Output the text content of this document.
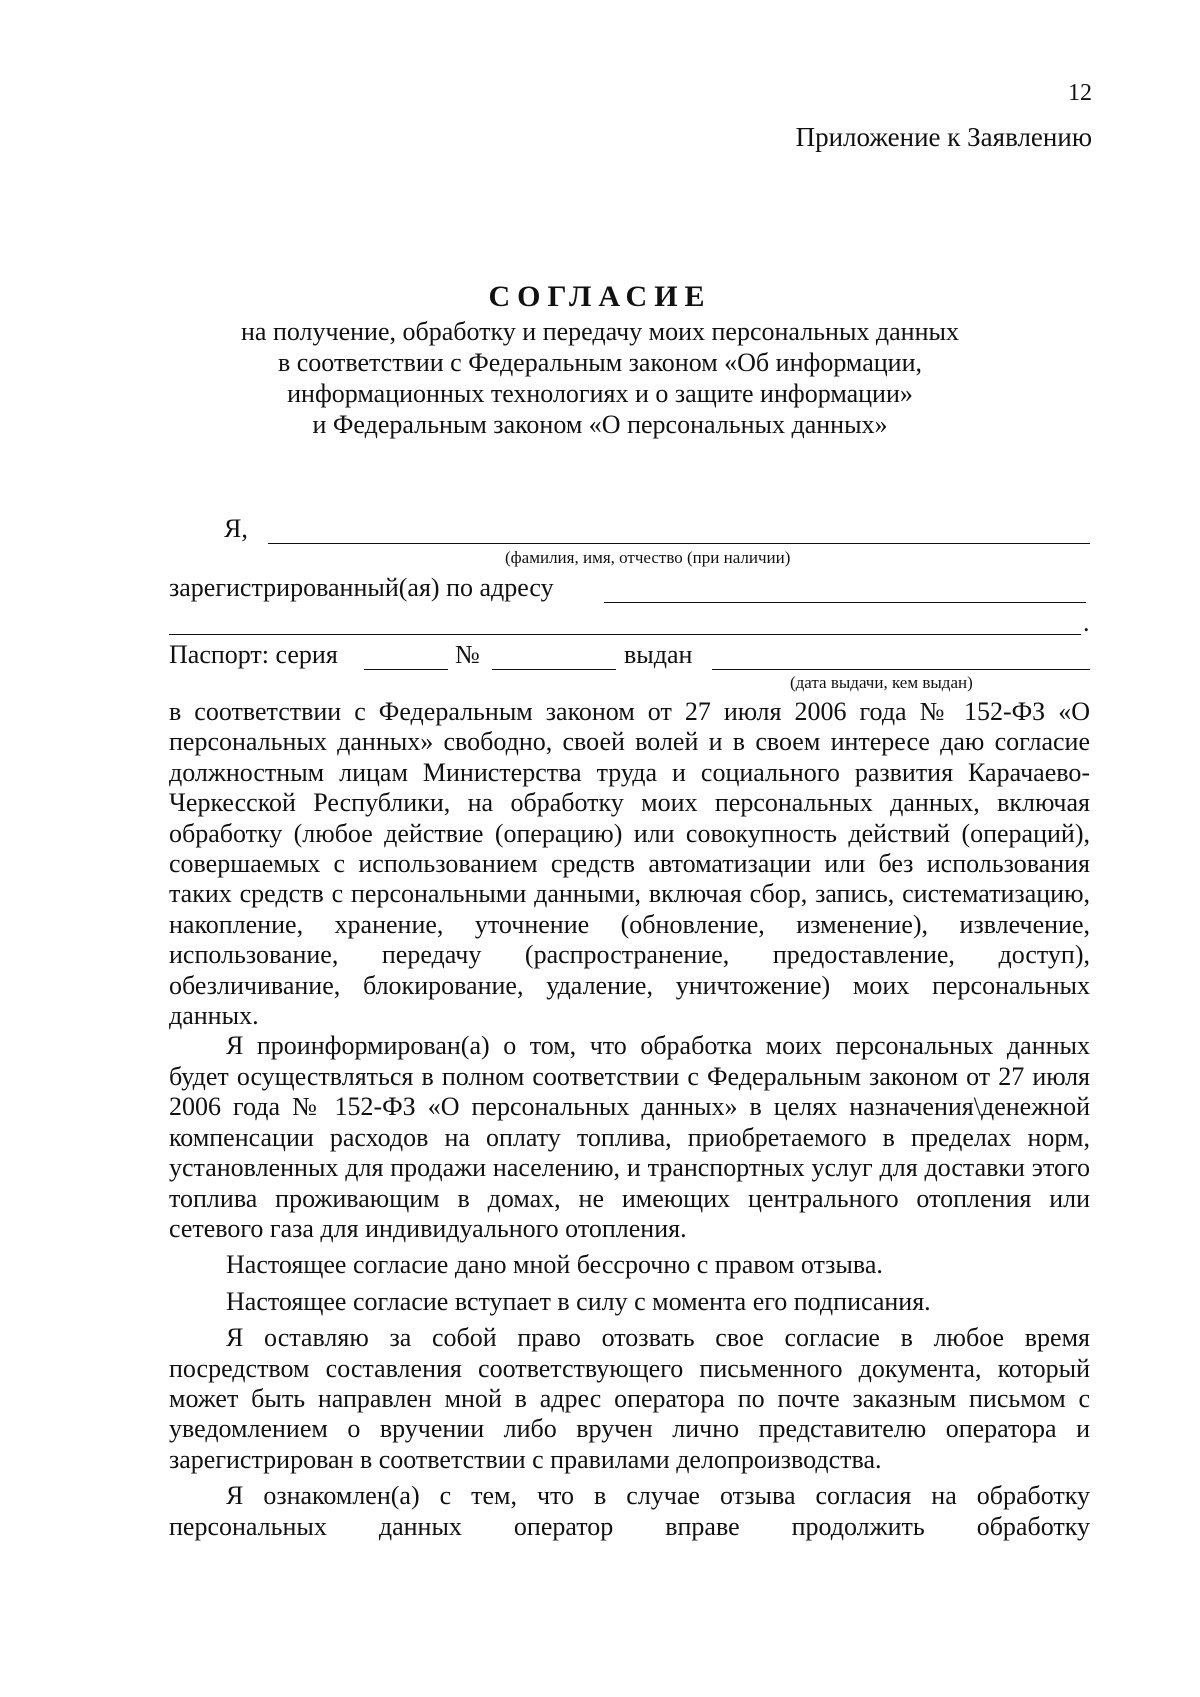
12
Приложение к Заявлению
СОГЛАСИЕ
на получение, обработку и передачу моих персональных данных
в соответствии с Федеральным законом «Об информации,
информационных технологиях и о защите информации»
и Федеральным законом «О персональных данных»
Я,
(фамилия, имя, отчество (при наличии)
зарегистрированный(ая) по адресу
.
Паспорт: серия	№	выдан
(дата выдачи, кем выдан)

в соответствии с Федеральным законом от 27 июля 2006 года № 152-ФЗ «О персональных данных» свободно, своей волей и в своем интересе даю согласие должностным лицам Министерства труда и социального развития Карачаево-Черкесской Республики, на обработку моих персональных данных, включая обработку (любое действие (операцию) или совокупность действий (операций), совершаемых с использованием средств автоматизации или без использования таких средств с персональными данными, включая сбор, запись, систематизацию, накопление, хранение, уточнение (обновление, изменение), извлечение, использование, передачу (распространение, предоставление, доступ), обезличивание, блокирование, удаление, уничтожение) моих персональных данных.

Я проинформирован(а) о том, что обработка моих персональных данных будет осуществляться в полном соответствии с Федеральным законом от 27 июля 2006 года № 152-ФЗ «О персональных данных» в целях назначения\денежной компенсации расходов на оплату топлива, приобретаемого в пределах норм, установленных для продажи населению, и транспортных услуг для доставки этого топлива проживающим в домах, не имеющих центрального отопления или сетевого газа для индивидуального отопления.

Настоящее согласие дано мной бессрочно с правом отзыва.

Настоящее согласие вступает в силу с момента его подписания.

Я оставляю за собой право отозвать свое согласие в любое время посредством составления соответствующего письменного документа, который может быть направлен мной в адрес оператора по почте заказным письмом с уведомлением о вручении либо вручен лично представителю оператора и зарегистрирован в соответствии с правилами делопроизводства.

Я ознакомлен(а) с тем, что в случае отзыва согласия на обработку персональных данных оператор вправе продолжить обработку
